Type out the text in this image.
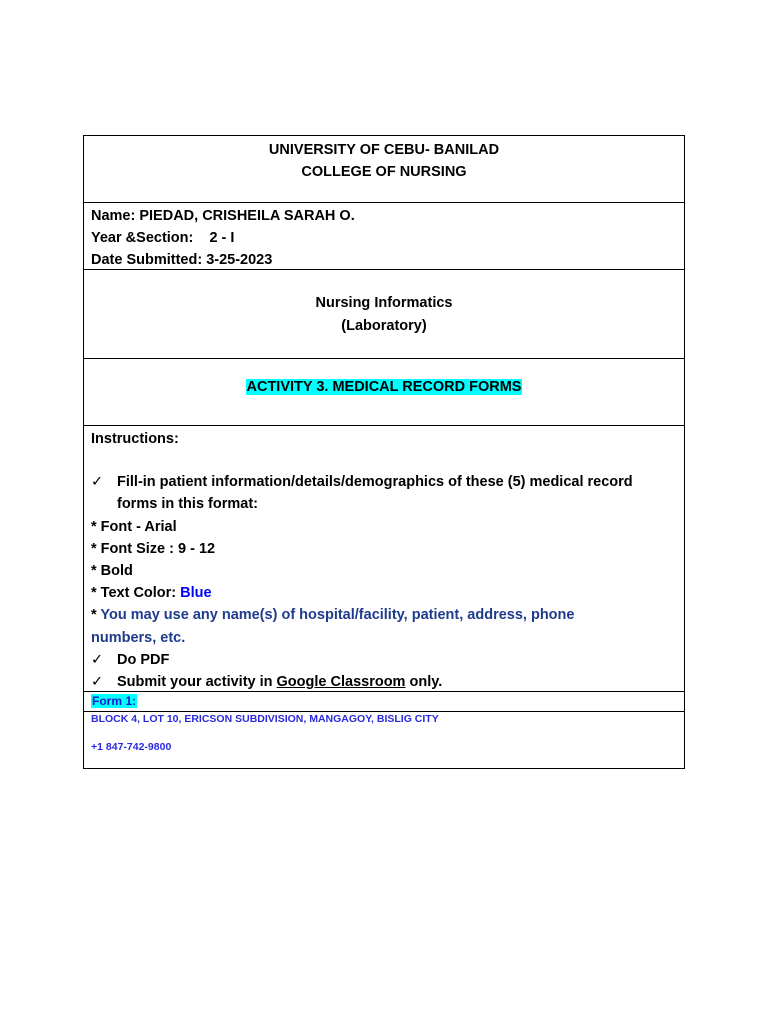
UNIVERSITY OF CEBU- BANILAD
COLLEGE OF NURSING
Name: PIEDAD, CRISHEILA SARAH O.
Year &Section:    2 - I
Date Submitted: 3-25-2023
Nursing Informatics
(Laboratory)
ACTIVITY 3. MEDICAL RECORD FORMS
Instructions:
✓ Fill-in patient information/details/demographics of these (5) medical record
forms in this format:
* Font - Arial
* Font Size : 9 - 12
* Bold
* Text Color: Blue
* You may use any name(s) of hospital/facility, patient, address, phone
numbers, etc.
✓ Do PDF
✓ Submit your activity in Google Classroom only.
Form 1:
BLOCK 4, LOT 10, ERICSON SUBDIVISION, MANGAGOY, BISLIG CITY
+1 847-742-9800
